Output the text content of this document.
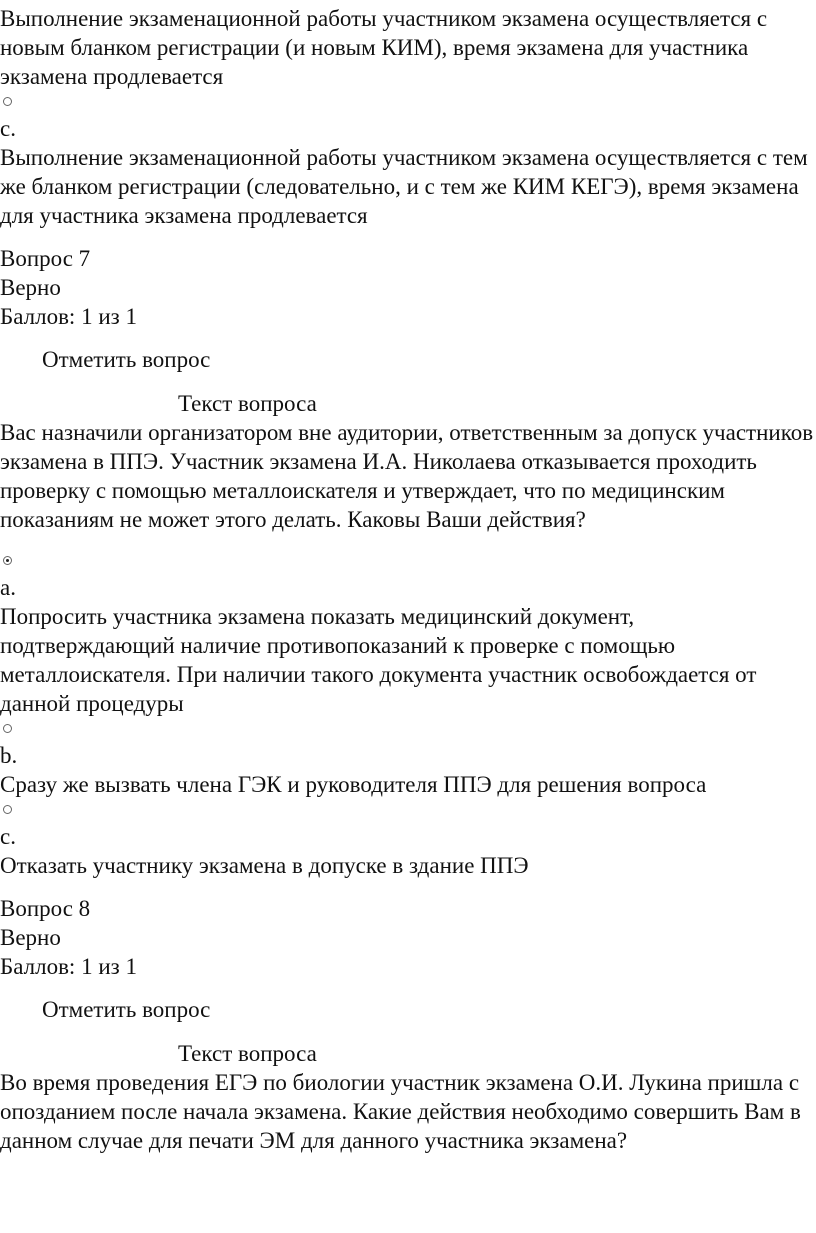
Выполнение экзаменационной работы участником экзамена осуществляется с новым бланком регистрации (и новым КИМ), время экзамена для участника экзамена продлевается
c.
Выполнение экзаменационной работы участником экзамена осуществляется с тем же бланком регистрации (следовательно, и с тем же КИМ КЕГЭ), время экзамена для участника экзамена продлевается
Вопрос 7
Верно
Баллов: 1 из 1
Отметить вопрос
Текст вопроса
Вас назначили организатором вне аудитории, ответственным за допуск участников экзамена в ППЭ. Участник экзамена И.А. Николаева отказывается проходить проверку с помощью металлоискателя и утверждает, что по медицинским показаниям не может этого делать. Каковы Ваши действия?
a.
Попросить участника экзамена показать медицинский документ, подтверждающий наличие противопоказаний к проверке с помощью металлоискателя. При наличии такого документа участник освобождается от данной процедуры
b.
Сразу же вызвать члена ГЭК и руководителя ППЭ для решения вопроса
c.
Отказать участнику экзамена в допуске в здание ППЭ
Вопрос 8
Верно
Баллов: 1 из 1
Отметить вопрос
Текст вопроса
Во время проведения ЕГЭ по биологии участник экзамена О.И. Лукина пришла с опозданием после начала экзамена. Какие действия необходимо совершить Вам в данном случае для печати ЭМ для данного участника экзамена?
